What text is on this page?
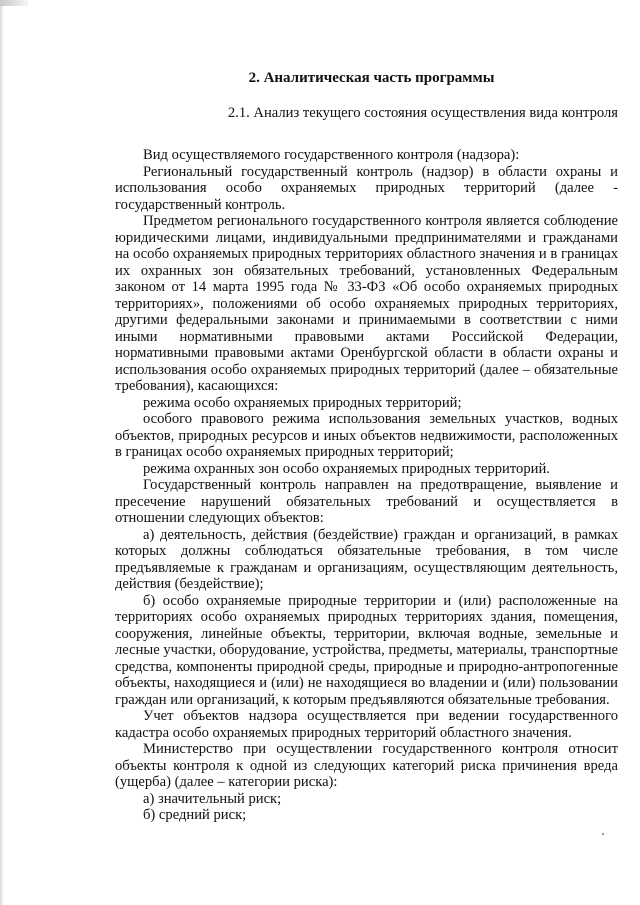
2. Аналитическая часть программы
2.1. Анализ текущего состояния осуществления вида контроля

Вид осуществляемого государственного контроля (надзора):

Региональный государственный контроль (надзор) в области охраны и использования особо охраняемых природных территорий (далее - государственный контроль.

Предметом регионального государственного контроля является соблюдение юридическими лицами, индивидуальными предпринимателями и гражданами на особо охраняемых природных территориях областного значения и в границах их охранных зон обязательных требований, установленных Федеральным законом от 14 марта 1995 года № 33-ФЗ «Об особо охраняемых природных территориях», положениями об особо охраняемых природных территориях, другими федеральными законами и принимаемыми в соответствии с ними иными нормативными правовыми актами Российской Федерации, нормативными правовыми актами Оренбургской области в области охраны и использования особо охраняемых природных территорий (далее – обязательные требования), касающихся:

режима особо охраняемых природных территорий;

особого правового режима использования земельных участков, водных объектов, природных ресурсов и иных объектов недвижимости, расположенных в границах особо охраняемых природных территорий;

режима охранных зон особо охраняемых природных территорий.

Государственный контроль направлен на предотвращение, выявление и пресечение нарушений обязательных требований и осуществляется в отношении следующих объектов:

а) деятельность, действия (бездействие) граждан и организаций, в рамках которых должны соблюдаться обязательные требования, в том числе предъявляемые к гражданам и организациям, осуществляющим деятельность, действия (бездействие);

б) особо охраняемые природные территории и (или) расположенные на территориях особо охраняемых природных территориях здания, помещения, сооружения, линейные объекты, территории, включая водные, земельные и лесные участки, оборудование, устройства, предметы, материалы, транспортные средства, компоненты природной среды, природные и природно-антропогенные объекты, находящиеся и (или) не находящиеся во владении и (или) пользовании граждан или организаций, к которым предъявляются обязательные требования.

Учет объектов надзора осуществляется при ведении государственного кадастра особо охраняемых природных территорий областного значения.

Министерство при осуществлении государственного контроля относит объекты контроля к одной из следующих категорий риска причинения вреда (ущерба) (далее – категории риска):

а) значительный риск;

б) средний риск;
